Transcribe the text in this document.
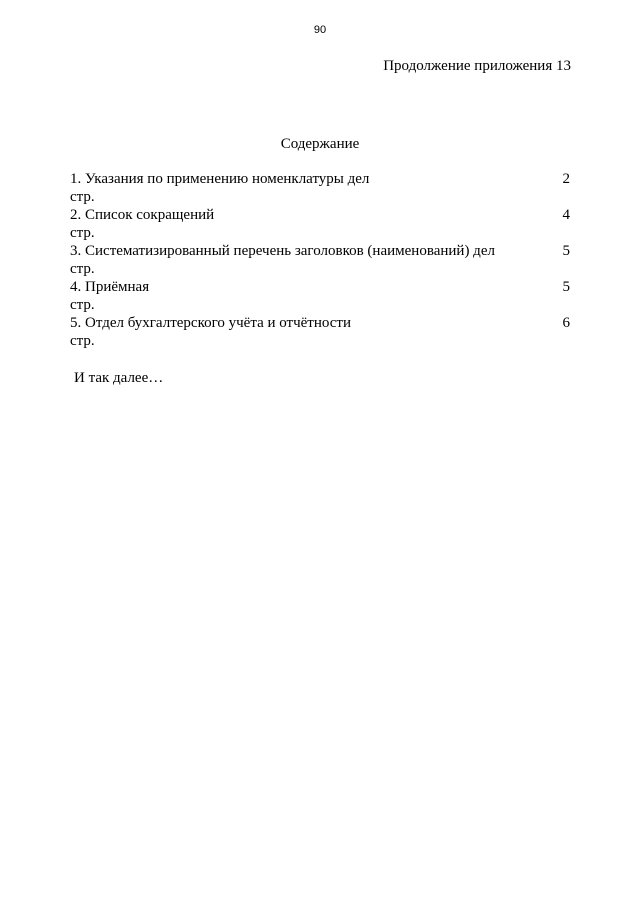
90
Продолжение приложения 13
Содержание
1. Указания по применению номенклатуры дел	2
стр.
2. Список сокращений	4
стр.
3. Систематизированный перечень заголовков (наименований) дел	5
стр.
4. Приёмная	5
стр.
5. Отдел бухгалтерского учёта и отчётности	6
стр.
И так далее…
